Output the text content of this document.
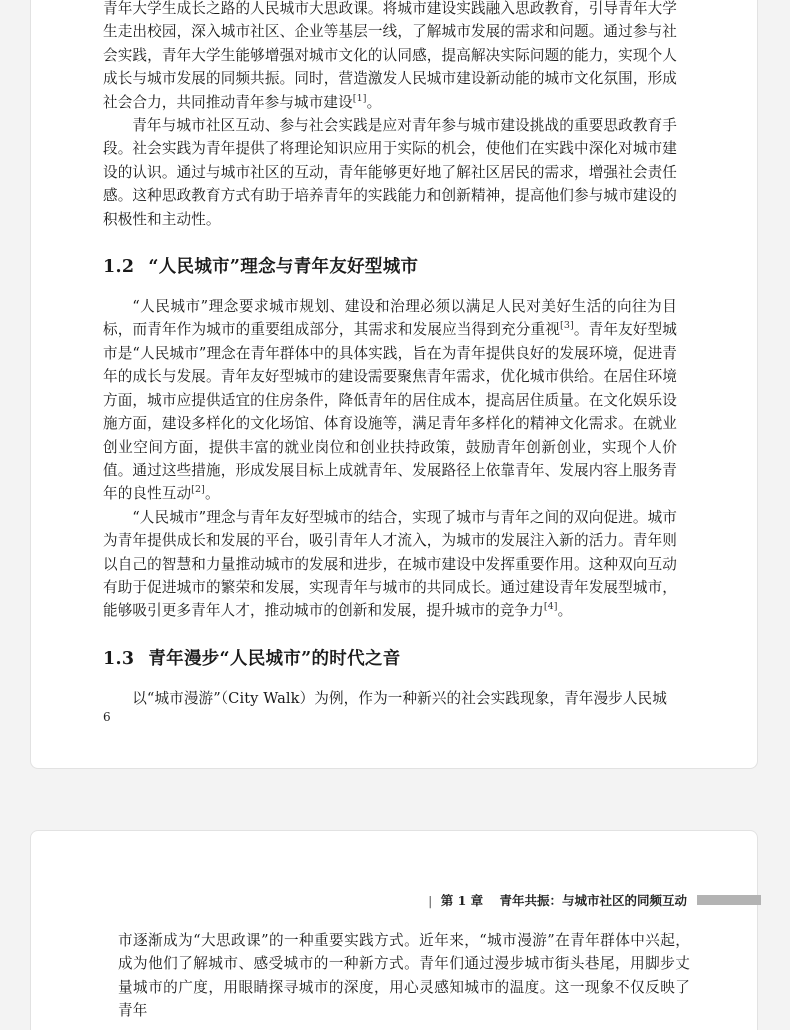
青年大学生成长之路的人民城市大思政课。将城市建设实践融入思政教育，引导青年大学生走出校园，深入城市社区、企业等基层一线，了解城市发展的需求和问题。通过参与社会实践，青年大学生能够增强对城市文化的认同感，提高解决实际问题的能力，实现个人成长与城市发展的同频共振。同时，营造激发人民城市建设新动能的城市文化氛围，形成社会合力，共同推动青年参与城市建设[1]。

青年与城市社区互动、参与社会实践是应对青年参与城市建设挑战的重要思政教育手段。社会实践为青年提供了将理论知识应用于实际的机会，使他们在实践中深化对城市建设的认识。通过与城市社区的互动，青年能够更好地了解社区居民的需求，增强社会责任感。这种思政教育方式有助于培养青年的实践能力和创新精神，提高他们参与城市建设的积极性和主动性。

1.2 “人民城市”理念与青年友好型城市

“人民城市”理念要求城市规划、建设和治理必须以满足人民对美好生活的向往为目标，而青年作为城市的重要组成部分，其需求和发展应当得到充分重视[3]。青年友好型城市是“人民城市”理念在青年群体中的具体实践，旨在为青年提供良好的发展环境，促进青年的成长与发展。青年友好型城市的建设需要聚焦青年需求，优化城市供给。在居住环境方面，城市应提供适宜的住房条件，降低青年的居住成本，提高居住质量。在文化娱乐设施方面，建设多样化的文化场馆、体育设施等，满足青年多样化的精神文化需求。在就业创业空间方面，提供丰富的就业岗位和创业扶持政策，鼓励青年创新创业，实现个人价值。通过这些措施，形成发展目标上成就青年、发展路径上依靠青年、发展内容上服务青年的良性互动[2]。

“人民城市”理念与青年友好型城市的结合，实现了城市与青年之间的双向促进。城市为青年提供成长和发展的平台，吸引青年人才流入，为城市的发展注入新的活力。青年则以自己的智慧和力量推动城市的发展和进步，在城市建设中发挥重要作用。这种双向互动有助于促进城市的繁荣和发展，实现青年与城市的共同成长。通过建设青年发展型城市，能够吸引更多青年人才，推动城市的创新和发展，提升城市的竞争力[4]。

1.3 青年漫步“人民城市”的时代之音

以“城市漫游”（City Walk）为例，作为一种新兴的社会实践现象，青年漫步人民城

6
| 第 1 章 青年共振：与城市社区的同频互动

市逐渐成为“大思政课”的一种重要实践方式。近年来，“城市漫游”在青年群体中兴起，成为他们了解城市、感受城市的一种新方式。青年们通过漫步城市街头巷尾，用脚步丈量城市的广度，用眼睛探寻城市的深度，用心灵感知城市的温度。这一现象不仅反映了青年
